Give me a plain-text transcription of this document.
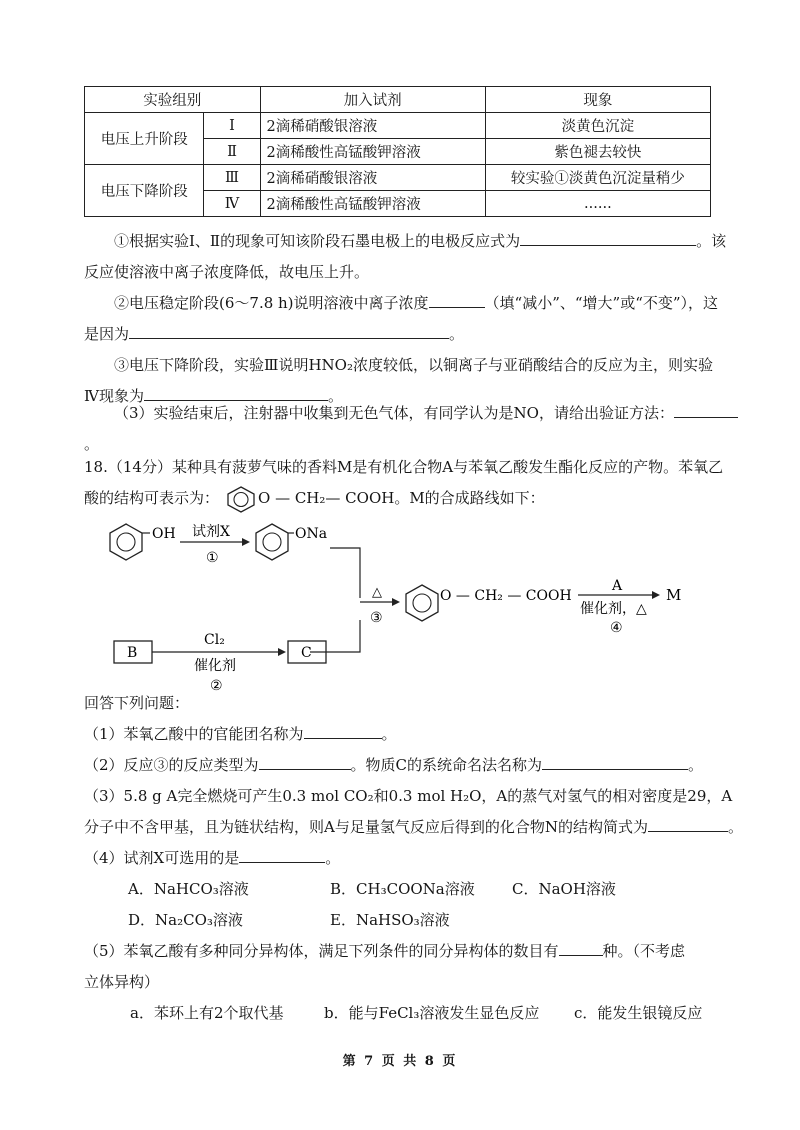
实验组别		加入试剂	现象
电压上升阶段	Ⅰ	2滴稀硝酸银溶液	淡黄色沉淀
	Ⅱ	2滴稀酸性高锰酸钾溶液	紫色褪去较快
电压下降阶段	Ⅲ	2滴稀硝酸银溶液	较实验①淡黄色沉淀量稍少
	Ⅳ	2滴稀酸性高锰酸钾溶液	......
①根据实验Ⅰ、Ⅱ的现象可知该阶段石墨电极上的电极反应式为	。该
反应使溶液中离子浓度降低，故电压上升。
②电压稳定阶段(6～7.8 h)说明溶液中离子浓度	（填“减小”、“增大”或“不变”），这
是因为	。
③电压下降阶段，实验Ⅲ说明HNO₂浓度较低，以铜离子与亚硝酸结合的反应为主，则实验
Ⅳ现象为	。
（3）实验结束后，注射器中收集到无色气体，有同学认为是NO，请给出验证方法：。
18.（14分）某种具有菠萝气味的香料M是有机化合物A与苯氧乙酸发生酯化反应的产物。苯氧乙
酸的结构可表示为：	O — CH₂— COOH。M的合成路线如下：
OH 试剂X
①
ONa
△
③
O — CH₂ — COOH
A
催化剂，△
④
M
B
Cl₂
催化剂
②
C
回答下列问题：
（1）苯氧乙酸中的官能团名称为	。
（2）反应③的反应类型为	。物质C的系统命名法名称为	。
（3）5.8 g A完全燃烧可产生0.3 mol CO₂和0.3 mol H₂O，A的蒸气对氢气的相对密度是29，A
分子中不含甲基，且为链状结构，则A与足量氢气反应后得到的化合物N的结构简式为	。
（4）试剂X可选用的是	。
A．NaHCO₃溶液	B．CH₃COONa溶液 C．NaOH溶液
D．Na₂CO₃溶液	E．NaHSO₃溶液
（5）苯氧乙酸有多种同分异构体，满足下列条件的同分异构体的数目有	种。（不考虑
立体异构）
a．苯环上有2个取代基	b．能与FeCl₃溶液发生显色反应 c．能发生银镜反应
第 7 页 共 8 页
